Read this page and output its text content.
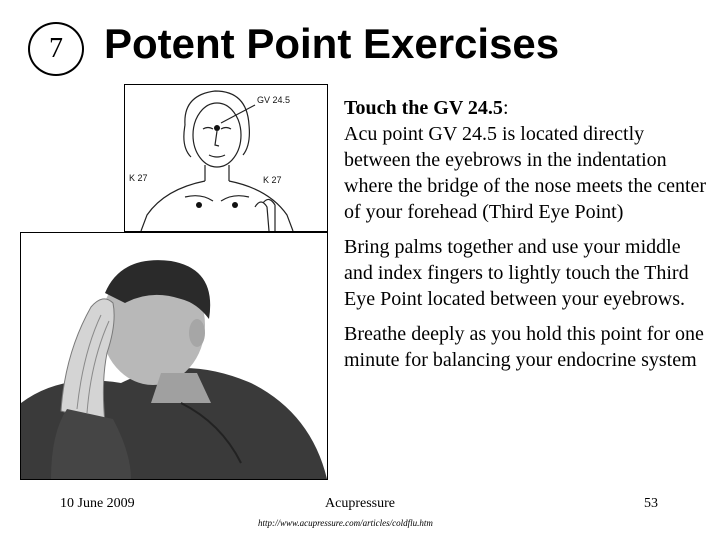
7 Potent Point Exercises
GV 24.5
K 27	K 27

Touch the GV 24.5:
Acu point GV 24.5 is located directly between the eyebrows in the indentation where the bridge of the nose meets the center of your forehead (Third Eye Point)

Bring palms together and use your middle and index fingers to lightly touch the Third Eye Point located between your eyebrows.

Breathe deeply as you hold this point for one minute for balancing your endocrine system

10 June 2009	Acupressure	53
http://www.acupressure.com/articles/coldflu.htm
